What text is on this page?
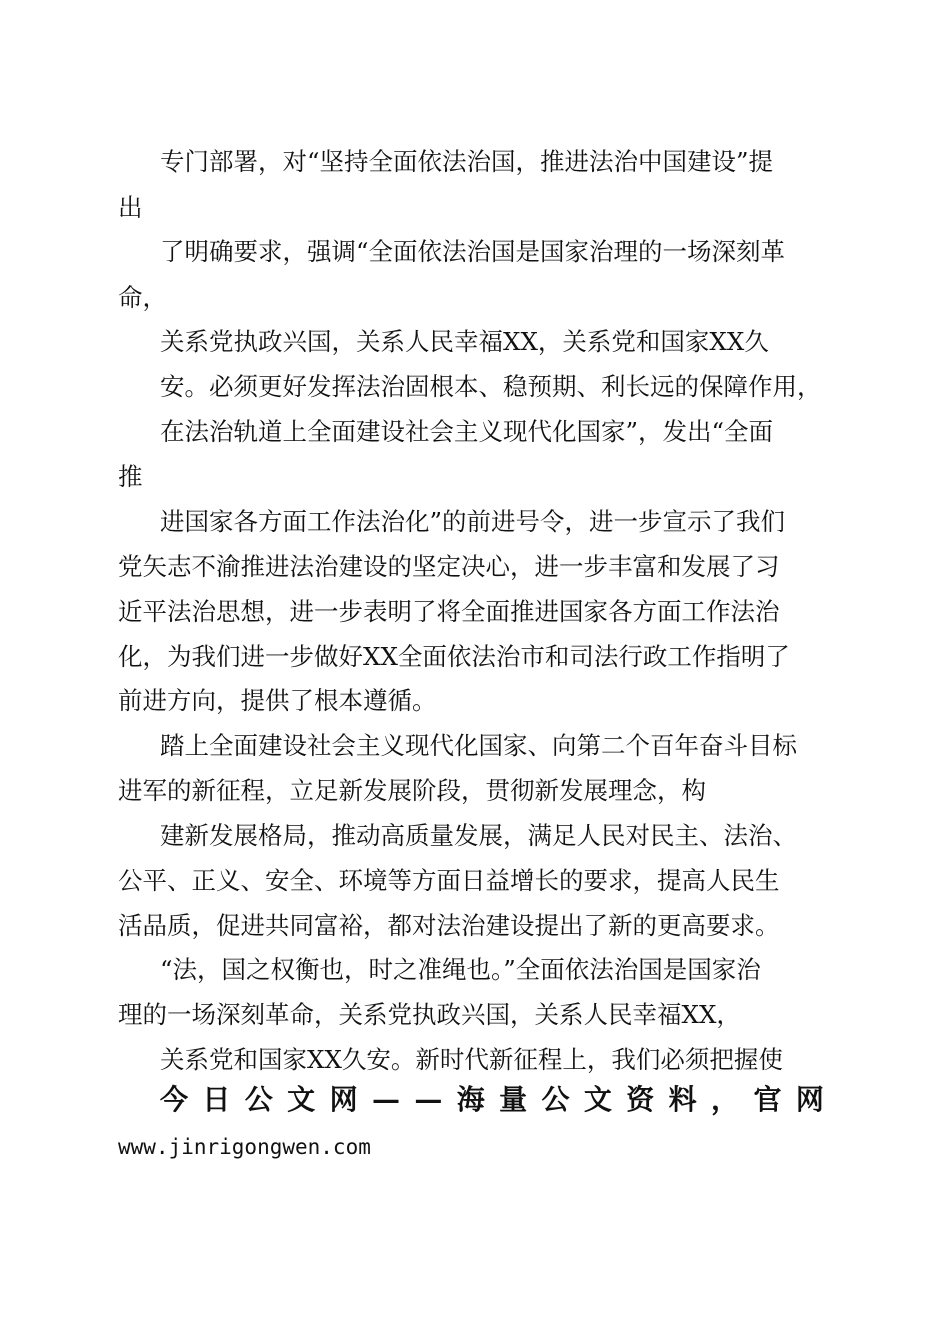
专门部署，对“坚持全面依法治国，推进法治中国建设”提
出
了明确要求，强调“全面依法治国是国家治理的一场深刻革
命，
关系党执政兴国，关系人民幸福XX，关系党和国家XX久
安。必须更好发挥法治固根本、稳预期、利长远的保障作用，
在法治轨道上全面建设社会主义现代化国家”，发出“全面
推
进国家各方面工作法治化”的前进号令，进一步宣示了我们
党矢志不渝推进法治建设的坚定决心，进一步丰富和发展了习
近平法治思想，进一步表明了将全面推进国家各方面工作法治
化，为我们进一步做好XX全面依法治市和司法行政工作指明了
前进方向，提供了根本遵循。
踏上全面建设社会主义现代化国家、向第二个百年奋斗目标
进军的新征程，立足新发展阶段，贯彻新发展理念，构
建新发展格局，推动高质量发展，满足人民对民主、法治、
公平、正义、安全、环境等方面日益增长的要求，提高人民生
活品质，促进共同富裕，都对法治建设提出了新的更高要求。
“法，国之权衡也，时之准绳也。”全面依法治国是国家治
理的一场深刻革命，关系党执政兴国，关系人民幸福XX，
关系党和国家XX久安。新时代新征程上，我们必须把握使
今 日 公 文 网 — — 海 量 公 文 资 料 ， 官 网
www.jinrigongwen.com
